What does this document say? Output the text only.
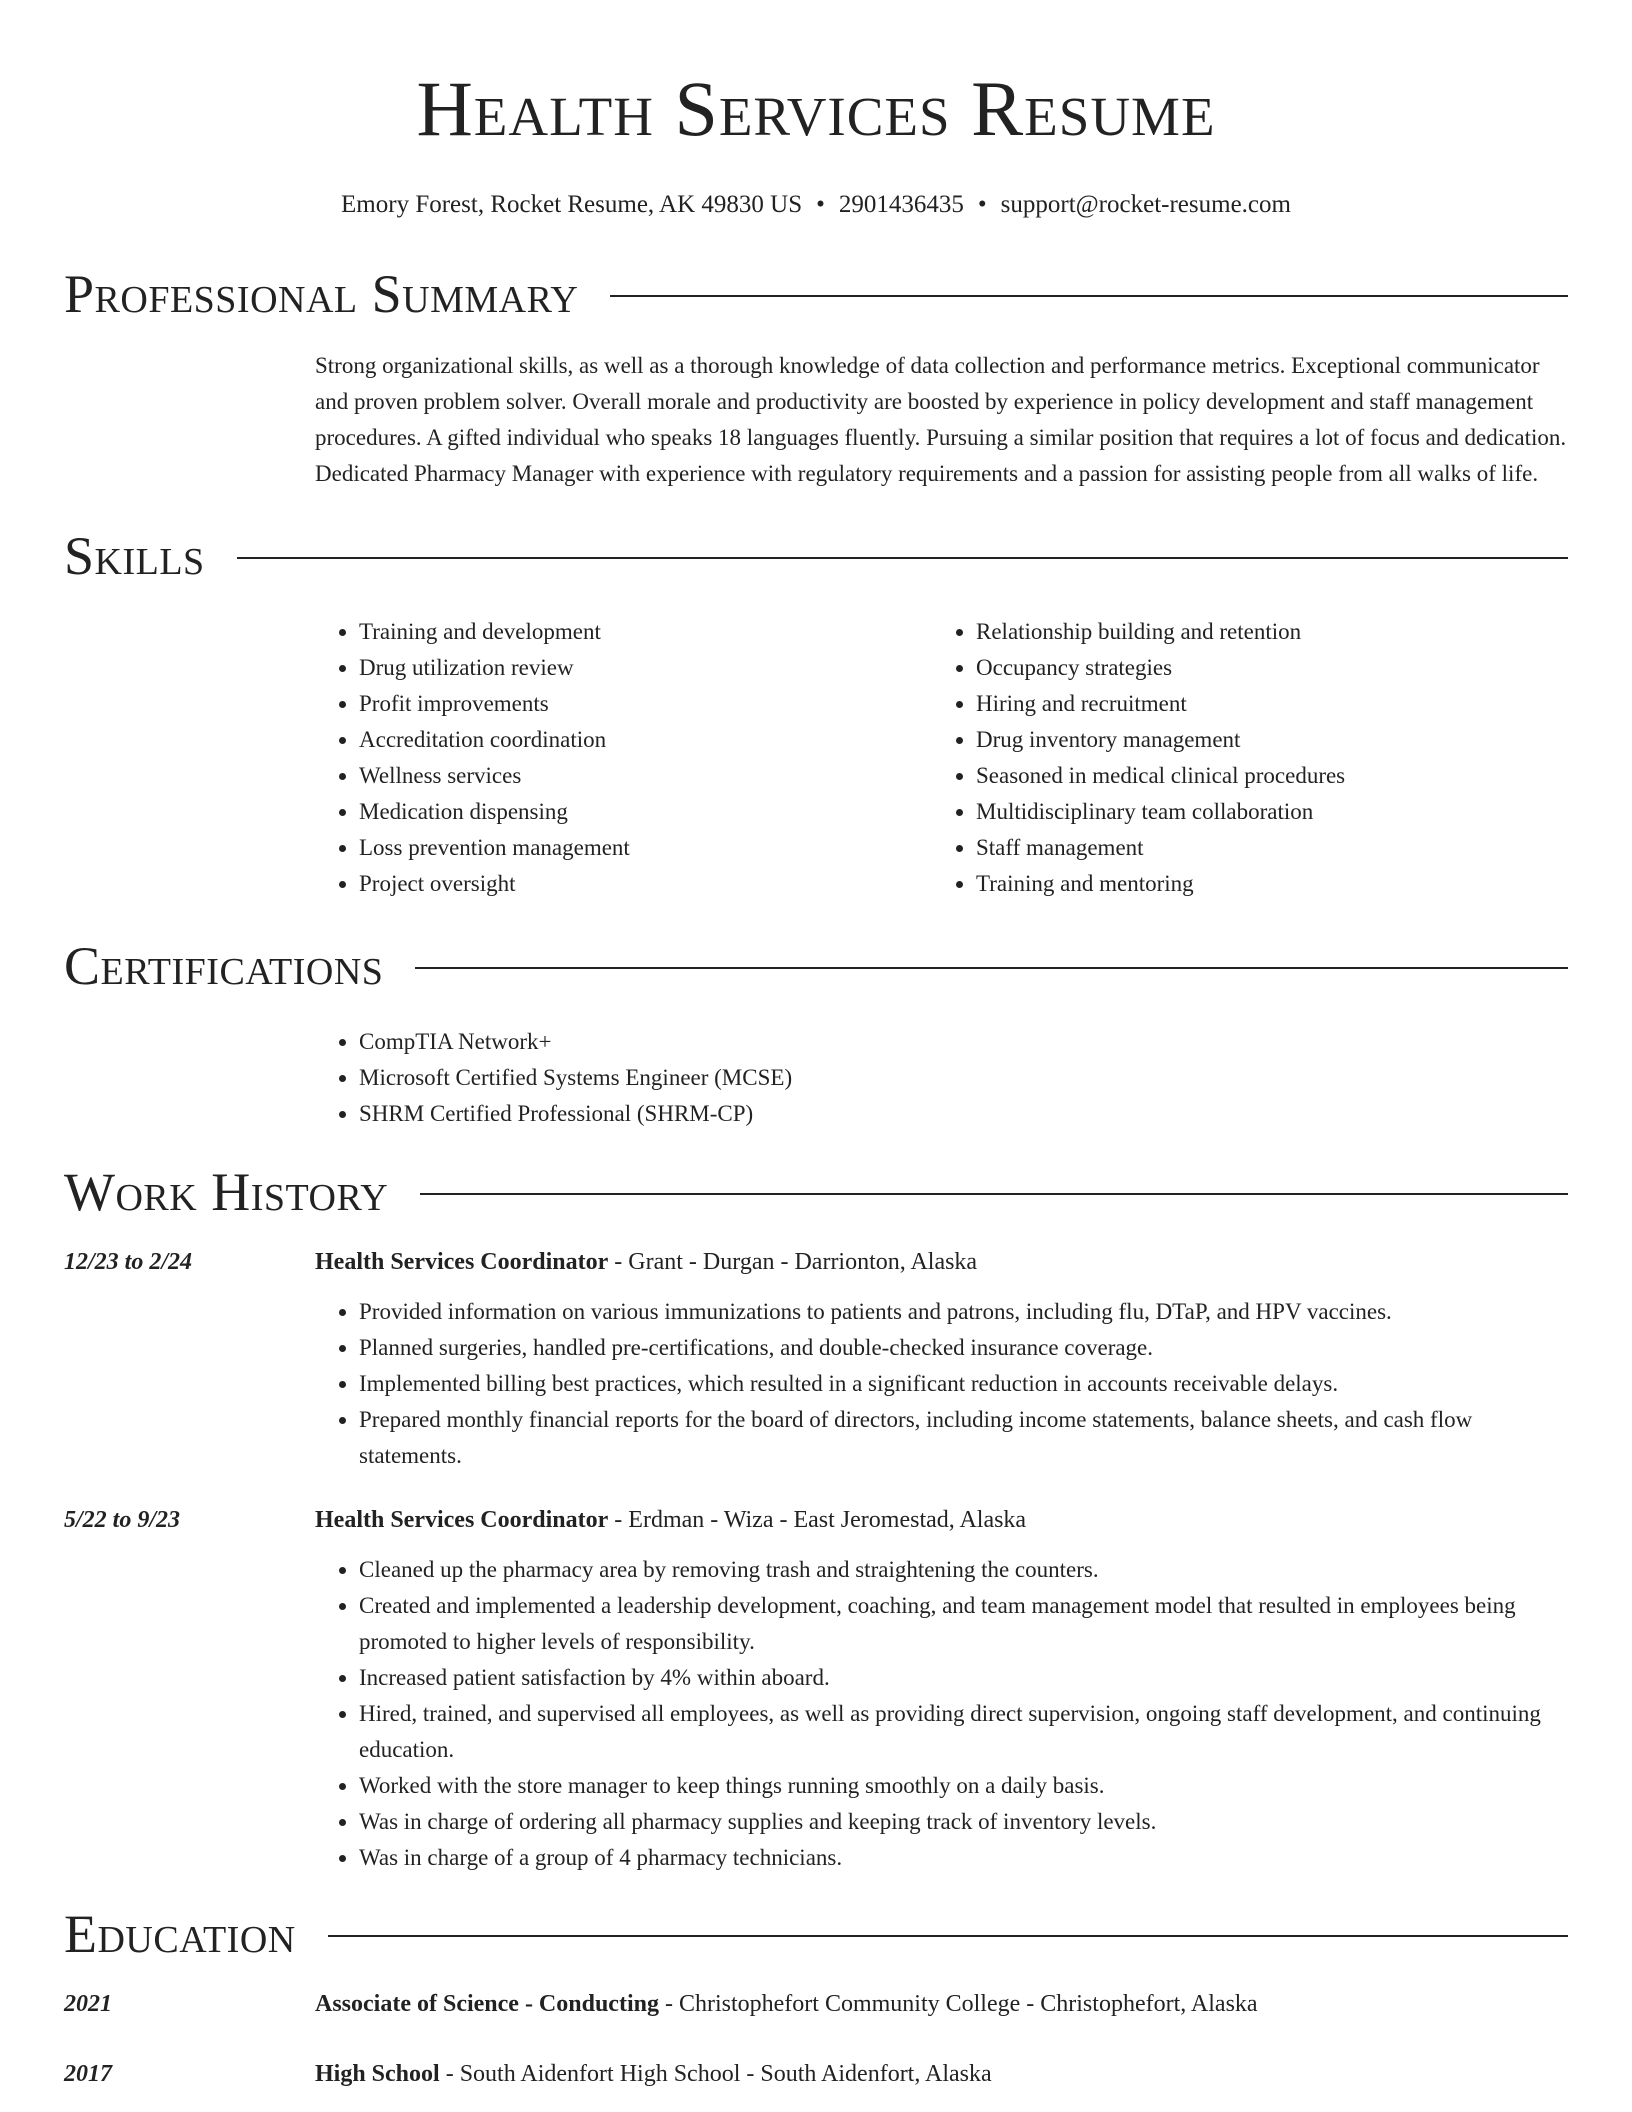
Health Services Resume
Emory Forest, Rocket Resume, AK 49830 US • 2901436435 • support@rocket-resume.com
Professional Summary

Strong organizational skills, as well as a thorough knowledge of data collection and performance metrics. Exceptional communicator and proven problem solver. Overall morale and productivity are boosted by experience in policy development and staff management procedures. A gifted individual who speaks 18 languages fluently. Pursuing a similar position that requires a lot of focus and dedication. Dedicated Pharmacy Manager with experience with regulatory requirements and a passion for assisting people from all walks of life.

Skills
• Training and development
• Drug utilization review
• Profit improvements
• Accreditation coordination
• Wellness services
• Medication dispensing
• Loss prevention management
• Project oversight
• Relationship building and retention
• Occupancy strategies
• Hiring and recruitment
• Drug inventory management
• Seasoned in medical clinical procedures
• Multidisciplinary team collaboration
• Staff management
• Training and mentoring
Certifications
• CompTIA Network+
• Microsoft Certified Systems Engineer (MCSE)
• SHRM Certified Professional (SHRM-CP)
Work History
12/23 to 2/24	Health Services Coordinator - Grant - Durgan - Darrionton, Alaska
• Provided information on various immunizations to patients and patrons, including flu, DTaP, and HPV vaccines.
• Planned surgeries, handled pre-certifications, and double-checked insurance coverage.
• Implemented billing best practices, which resulted in a significant reduction in accounts receivable delays.
• Prepared monthly financial reports for the board of directors, including income statements, balance sheets, and cash flow statements.
5/22 to 9/23	Health Services Coordinator - Erdman - Wiza - East Jeromestad, Alaska
• Cleaned up the pharmacy area by removing trash and straightening the counters.
• Created and implemented a leadership development, coaching, and team management model that resulted in employees being promoted to higher levels of responsibility.
• Increased patient satisfaction by 4% within aboard.
• Hired, trained, and supervised all employees, as well as providing direct supervision, ongoing staff development, and continuing education.
• Worked with the store manager to keep things running smoothly on a daily basis.
• Was in charge of ordering all pharmacy supplies and keeping track of inventory levels.
• Was in charge of a group of 4 pharmacy technicians.
Education
2021	Associate of Science - Conducting - Christophefort Community College - Christophefort, Alaska
2017	High School - South Aidenfort High School - South Aidenfort, Alaska
